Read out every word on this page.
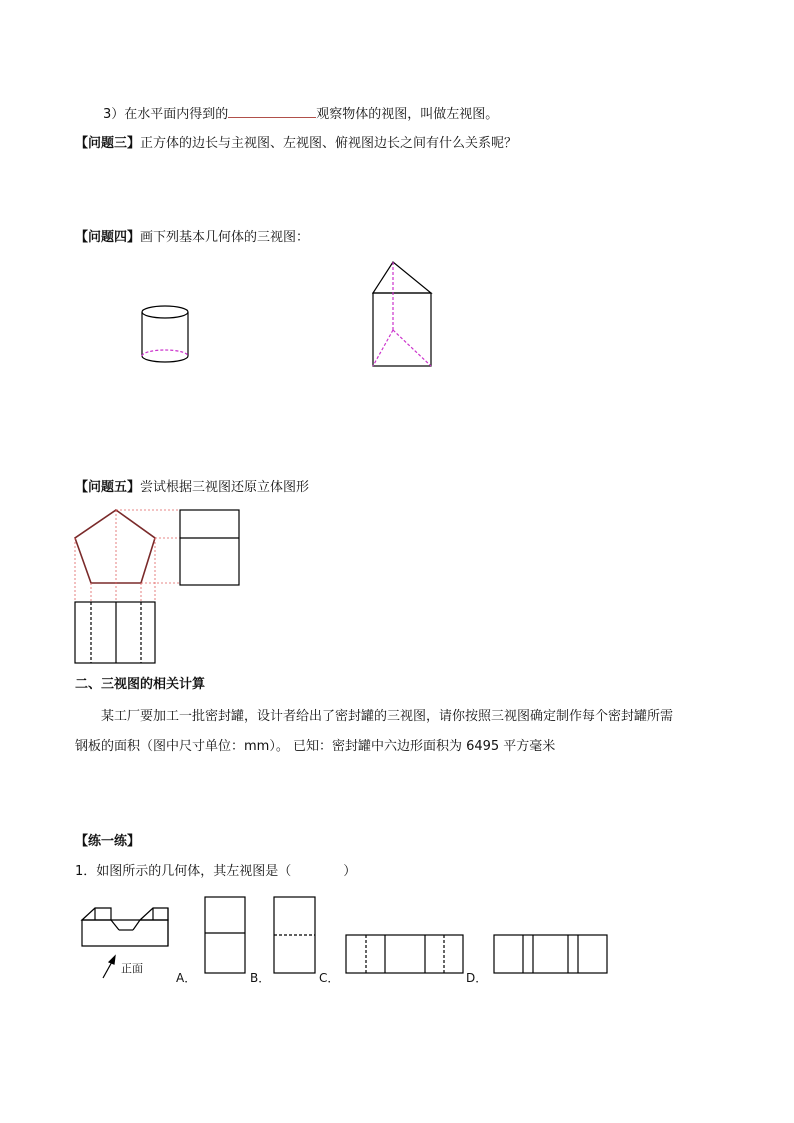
3）在水平面内得到的	观察物体的视图，叫做左视图。
【问题三】正方体的边长与主视图、左视图、俯视图边长之间有什么关系呢？
【问题四】画下列基本几何体的三视图：
【问题五】尝试根据三视图还原立体图形
二、三视图的相关计算
某工厂要加工一批密封罐，设计者给出了密封罐的三视图，请你按照三视图确定制作每个密封罐所需
钢板的面积（图中尺寸单位：mm）。 已知：密封罐中六边形面积为 6495 平方毫米
【练一练】
1．如图所示的几何体，其左视图是（	）
正面
A．	B．	C．	D．
